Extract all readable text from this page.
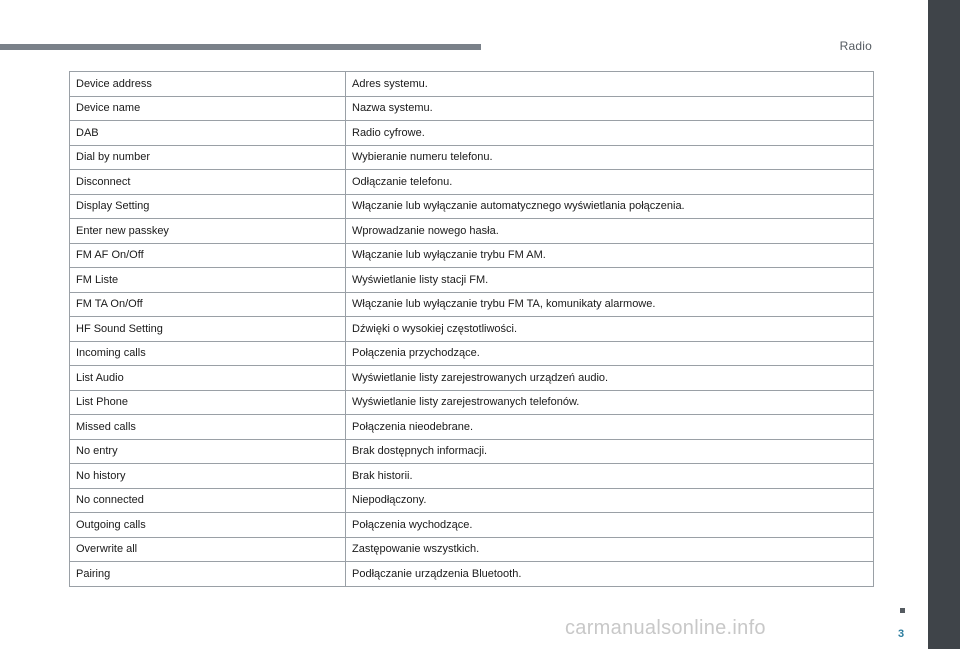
Radio
Device address	Adres systemu.
Device name	Nazwa systemu.
DAB	Radio cyfrowe.
Dial by number	Wybieranie numeru telefonu.
Disconnect	Odłączanie telefonu.
Display Setting	Włączanie lub wyłączanie automatycznego wyświetlania połączenia.
Enter new passkey	Wprowadzanie nowego hasła.
FM AF On/Off	Włączanie lub wyłączanie trybu FM AM.
FM Liste	Wyświetlanie listy stacji FM.
FM TA On/Off	Włączanie lub wyłączanie trybu FM TA, komunikaty alarmowe.
HF Sound Setting	Dźwięki o wysokiej częstotliwości.
Incoming calls	Połączenia przychodzące.
List Audio	Wyświetlanie listy zarejestrowanych urządzeń audio.
List Phone	Wyświetlanie listy zarejestrowanych telefonów.
Missed calls	Połączenia nieodebrane.
No entry	Brak dostępnych informacji.
No history	Brak historii.
No connected	Niepodłączony.
Outgoing calls	Połączenia wychodzące.
Overwrite all	Zastępowanie wszystkich.
Pairing	Podłączanie urządzenia Bluetooth.
3
carmanualsonline.info
